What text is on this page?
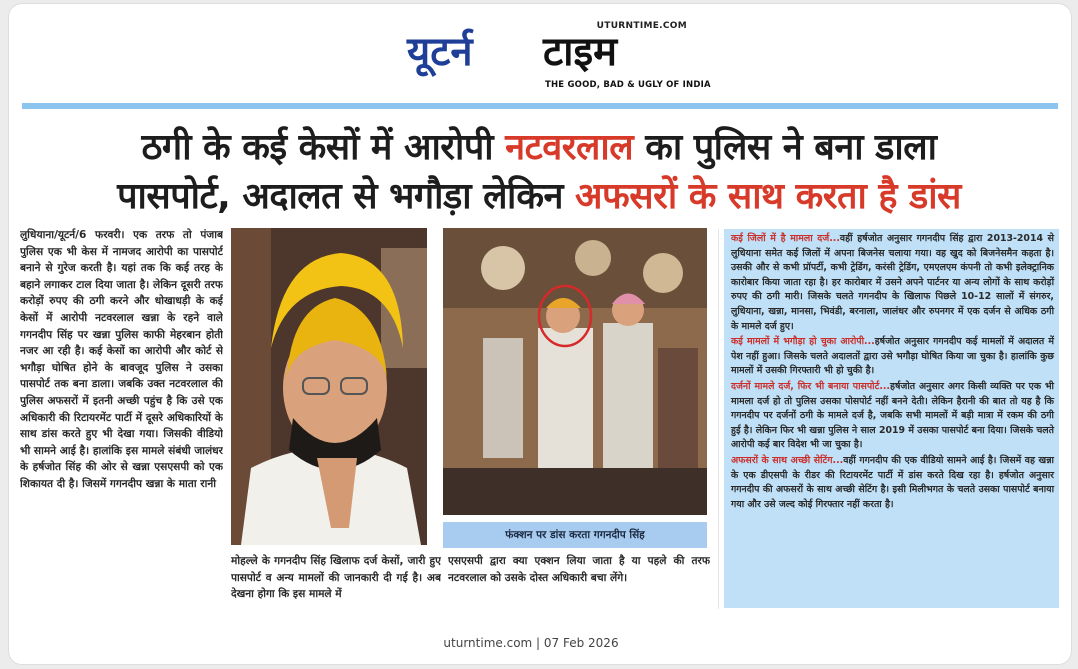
UTURNTIME.COM
यूटर्न टाइम
THE GOOD, BAD & UGLY OF INDIA
ठगी के कई केसों में आरोपी नटवरलाल का पुलिस ने बना डाला
पासपोर्ट, अदालत से भगौड़ा लेकिन अफसरों के साथ करता है डांस
लुधियाना/यूटर्न/6 फरवरी। एक तरफ तो पंजाब पुलिस एक भी केस में नामजद आरोपी का पासपोर्ट बनाने से गुरेज करती है। यहां तक कि कई तरह के बहाने लगाकर टाल दिया जाता है। लेकिन दूसरी तरफ करोड़ों रुपए की ठगी करने और धोखाधड़ी के कई केसों में आरोपी नटवरलाल खन्ना के रहने वाले गगनदीप सिंह पर खन्ना पुलिस काफी मेहरबान होती नजर आ रही है। कई केसों का आरोपी और कोर्ट से भगौड़ा घोषित होने के बावजूद पुलिस ने उसका पासपोर्ट तक बना डाला। जबकि उक्त नटवरलाल की पुलिस अफसरों में इतनी अच्छी पहुंच है कि उसे एक अधिकारी की रिटायरमेंट पार्टी में दूसरे अधिकारियों के साथ डांस करते हुए भी देखा गया। जिसकी वीडियो भी सामने आई है। हालांकि इस मामले संबंधी जालंधर के हर्षजोत सिंह की ओर से खन्ना एसएसपी को एक शिकायत दी है। जिसमें गगनदीप खन्ना के माता रानी
फंक्शन पर डांस करता गगनदीप सिंह
मोहल्ले के गगनदीप सिंह खिलाफ दर्ज केसों, जारी हुए पासपोर्ट व अन्य मामलों की जानकारी दी गई है। अब देखना होगा कि इस मामले में
एसएसपी द्वारा क्या एक्शन लिया जाता है या पहले की तरफ नटवरलाल को उसके दोस्त अधिकारी बचा लेंगे।

कई जिलों में है मामला दर्ज...वहीं हर्षजोत अनुसार गगनदीप सिंह द्वारा 2013-2014 से लुधियाना समेत कई जिलों में अपना बिजनेस चलाया गया। वह खुद को बिजनेसमैन कहता है। उसकी और से कभी प्रॉपर्टी, कभी ट्रेडिंग, करंसी ट्रेडिंग, एमएलएम कंपनी तो कभी इलेक्ट्रानिक कारोबार किया जाता रहा है। हर कारोबार में उसने अपने पार्टनर या अन्य लोगों के साथ करोड़ों रुपए की ठगी मारी। जिसके चलते गगनदीप के खिलाफ पिछले 10-12 सालों में संगरुर, लुधियाना, खन्ना, मानसा, भिवंडी, बरनाला, जालंधर और रुपनगर में एक दर्जन से अधिक ठगी के मामले दर्ज हुए।

कई मामलों में भगौड़ा हो चुका आरोपी...हर्षजोत अनुसार गगनदीप कई मामलों में अदालत में पेश नहीं हुआ। जिसके चलते अदालतों द्वारा उसे भगौड़ा घोषित किया जा चुका है। हालांकि कुछ मामलों में उसकी गिरफ्तारी भी हो चुकी है।

दर्जनों मामले दर्ज, फिर भी बनाया पासपोर्ट...हर्षजोत अनुसार अगर किसी व्यक्ति पर एक भी मामला दर्ज हो तो पुलिस उसका पोसपोर्ट नहीं बनने देती। लेकिन हैरानी की बात तो यह है कि गगनदीप पर दर्जनों ठगी के मामले दर्ज है, जबकि सभी मामलों में बड़ी मात्रा में रकम की ठगी हुई है। लेकिन फिर भी खन्ना पुलिस ने साल 2019 में उसका पासपोर्ट बना दिया। जिसके चलते आरोपी कई बार विदेश भी जा चुका है।

अफसरों के साथ अच्छी सेटिंग...वहीं गगनदीप की एक वीडियो सामने आई है। जिसमें वह खन्ना के एक डीएसपी के रीडर की रिटायरमेंट पार्टी में डांस करते दिख रहा है। हर्षजोत अनुसार गगनदीप की अफसरों के साथ अच्छी सेटिंग है। इसी मिलीभगत के चलते उसका पासपोर्ट बनाया गया और उसे जल्द कोई गिरफ्तार नहीं करता है।

uturntime.com | 07 Feb 2026
